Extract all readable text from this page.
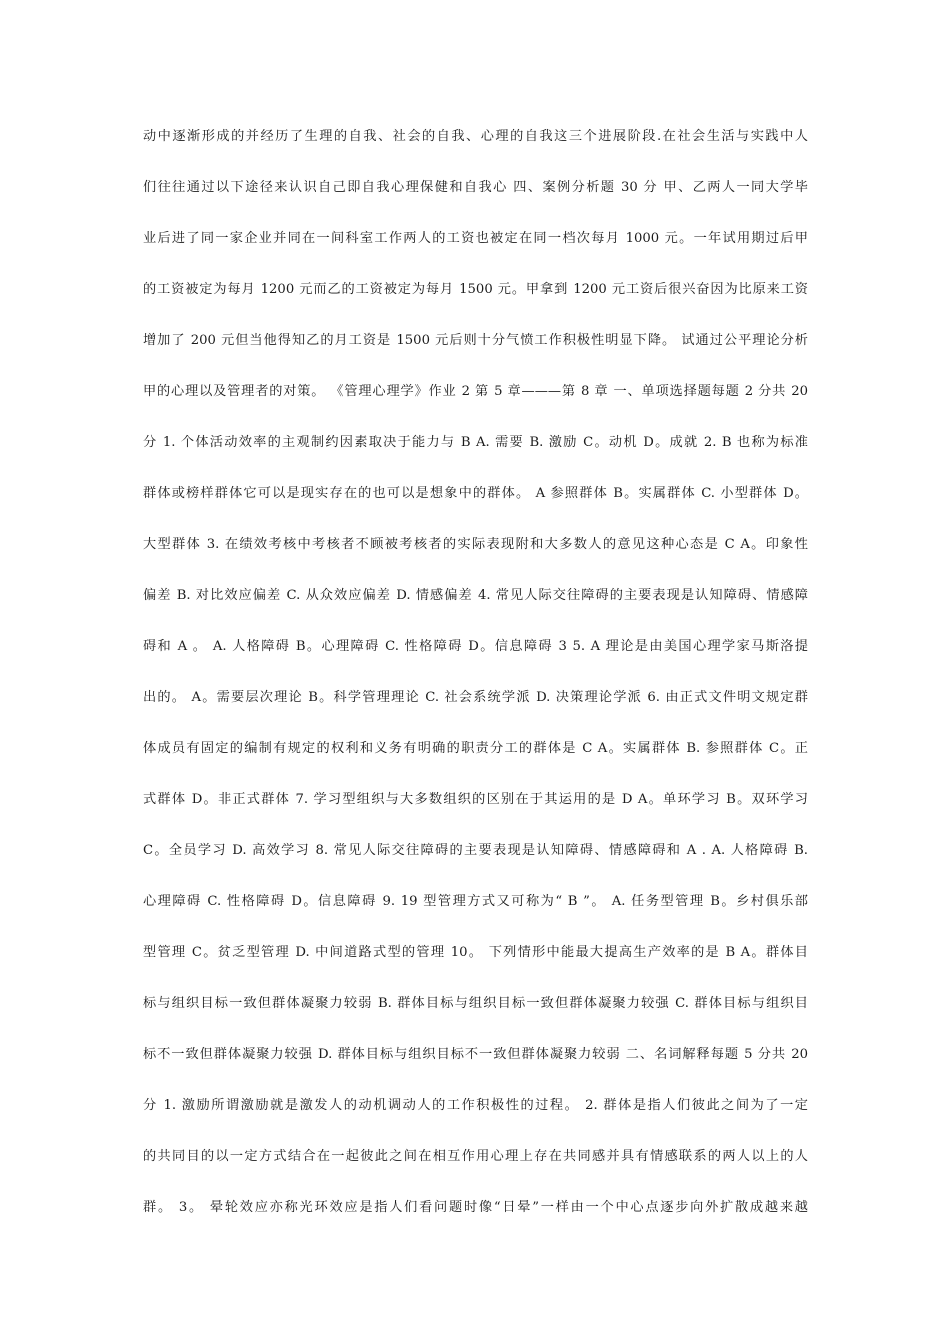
动中逐渐形成的并经历了生理的自我、社会的自我、心理的自我这三个进展阶段.在社会生活与实践中人
们往往通过以下途径来认识自己即自我心理保健和自我心 四、案例分析题 30 分 甲、乙两人一同大学毕
业后进了同一家企业并同在一间科室工作两人的工资也被定在同一档次每月 1000 元。一年试用期过后甲
的工资被定为每月 1200 元而乙的工资被定为每月 1500 元。甲拿到 1200 元工资后很兴奋因为比原来工资
增加了 200 元但当他得知乙的月工资是 1500 元后则十分气愤工作积极性明显下降。 试通过公平理论分析
甲的心理以及管理者的对策。 《管理心理学》作业 2 第 5 章———第 8 章 一、单项选择题每题 2 分共 20
分 1. 个体活动效率的主观制约因素取决于能力与 B A. 需要 B. 激励 C。动机 D。成就 2. B 也称为标准
群体或榜样群体它可以是现实存在的也可以是想象中的群体。 A 参照群体 B。实属群体 C. 小型群体 D。
大型群体 3. 在绩效考核中考核者不顾被考核者的实际表现附和大多数人的意见这种心态是 C A。印象性
偏差 B. 对比效应偏差 C. 从众效应偏差 D. 情感偏差 4. 常见人际交往障碍的主要表现是认知障碍、情感障
碍和 A 。 A. 人格障碍 B。心理障碍 C. 性格障碍 D。信息障碍 3 5. A 理论是由美国心理学家马斯洛提
出的。 A。需要层次理论 B。科学管理理论 C. 社会系统学派 D. 决策理论学派 6. 由正式文件明文规定群
体成员有固定的编制有规定的权利和义务有明确的职责分工的群体是 C A。实属群体 B. 参照群体 C。正
式群体 D。非正式群体 7. 学习型组织与大多数组织的区别在于其运用的是 D A。单环学习 B。双环学习
C。全员学习 D. 高效学习 8. 常见人际交往障碍的主要表现是认知障碍、情感障碍和 A . A. 人格障碍 B.
心理障碍 C. 性格障碍 D。信息障碍 9. 19 型管理方式又可称为“ B ”。 A. 任务型管理 B。乡村俱乐部
型管理 C。贫乏型管理 D. 中间道路式型的管理 10。 下列情形中能最大提高生产效率的是 B A。群体目
标与组织目标一致但群体凝聚力较弱 B. 群体目标与组织目标一致但群体凝聚力较强 C. 群体目标与组织目
标不一致但群体凝聚力较强 D. 群体目标与组织目标不一致但群体凝聚力较弱 二、名词解释每题 5 分共 20
分 1. 激励所谓激励就是激发人的动机调动人的工作积极性的过程。 2. 群体是指人们彼此之间为了一定
的共同目的以一定方式结合在一起彼此之间在相互作用心理上存在共同感并具有情感联系的两人以上的人
群。 3。 晕轮效应亦称光环效应是指人们看问题时像“日晕”一样由一个中心点逐步向外扩散成越来越
